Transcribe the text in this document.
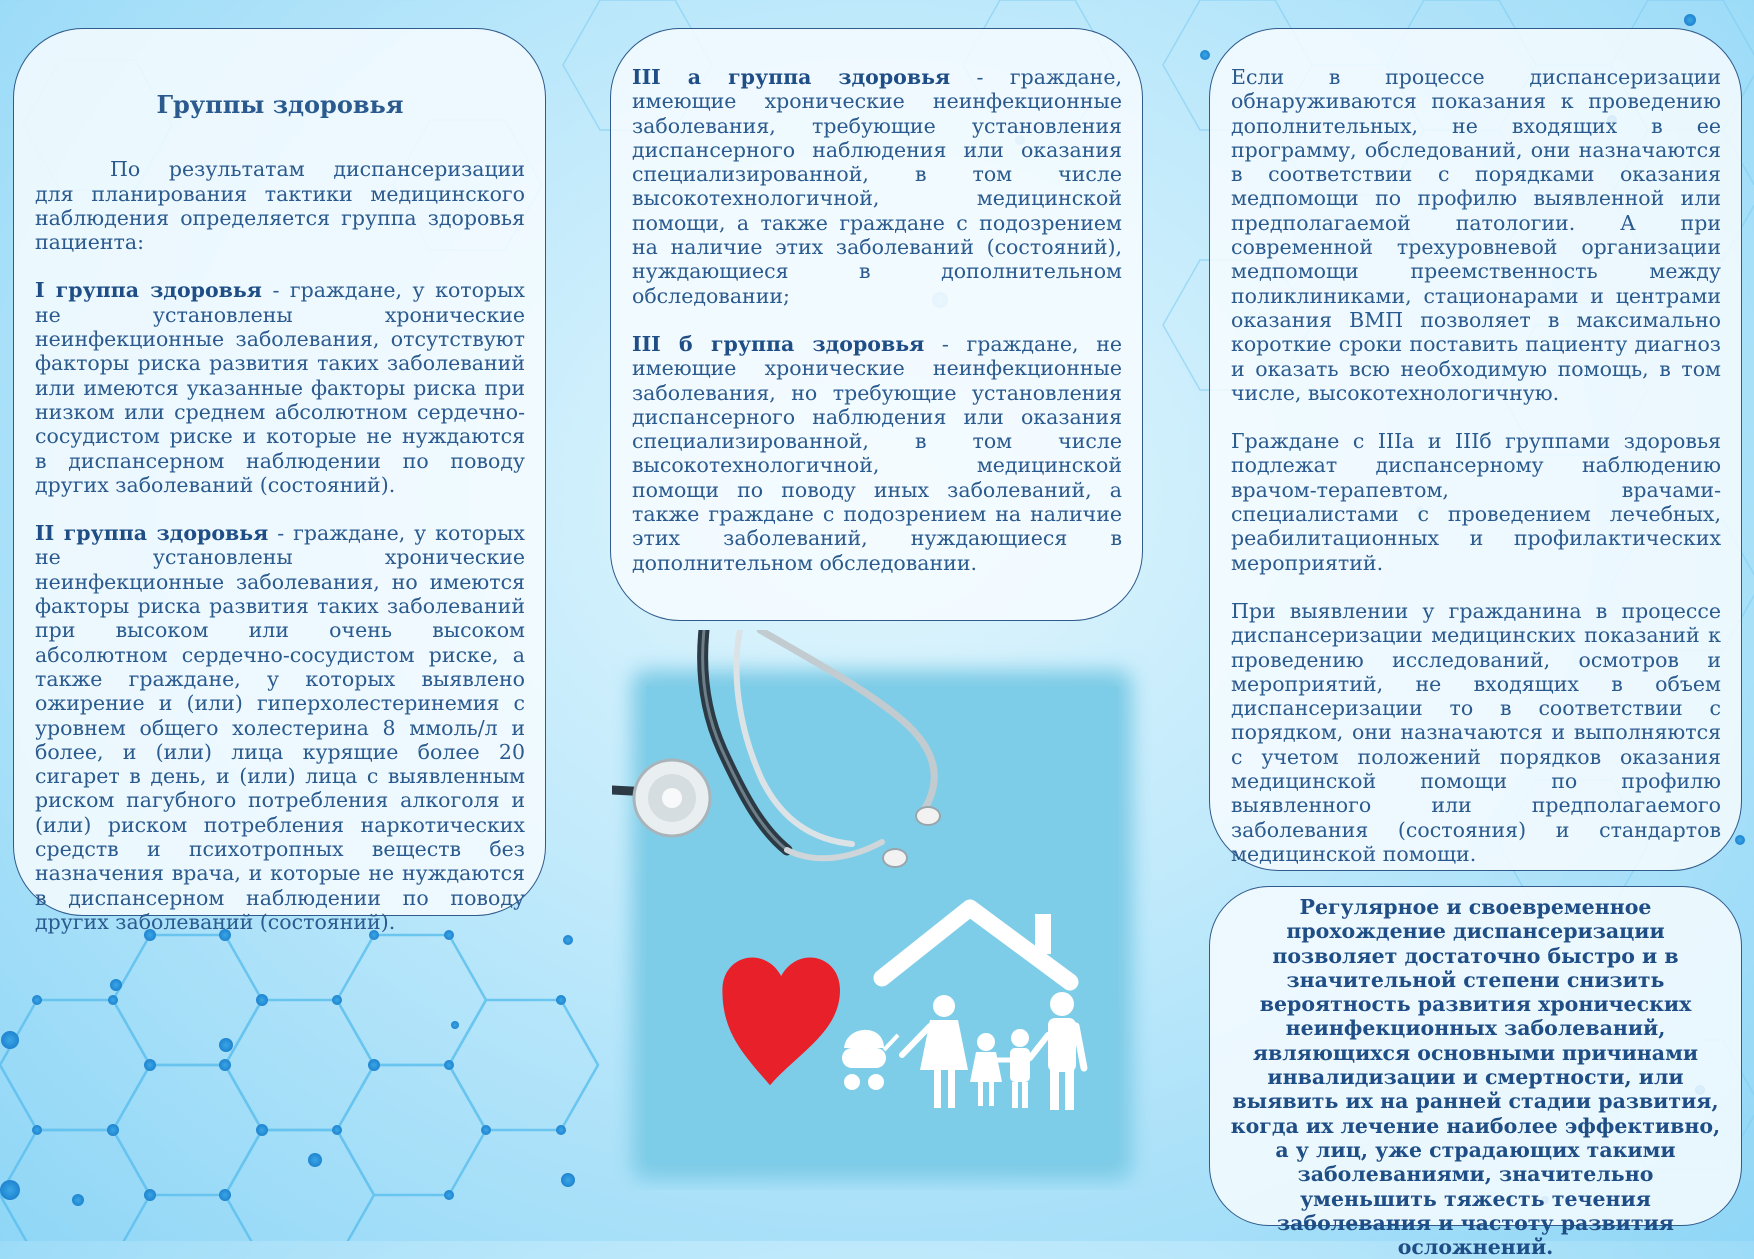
Группы здоровья

По результатам диспансеризации для планирования тактики медицинского наблюдения определяется группа здоровья пациента:

I группа здоровья - граждане, у которых не установлены хронические неинфекционные заболевания, отсутствуют факторы риска развития таких заболеваний или имеются указанные факторы риска при низком или среднем абсолютном сердечно-сосудистом риске и которые не нуждаются в диспансерном наблюдении по поводу других заболеваний (состояний).

II группа здоровья - граждане, у которых не установлены хронические неинфекционные заболевания, но имеются факторы риска развития таких заболеваний при высоком или очень высоком абсолютном сердечно-сосудистом риске, а также граждане, у которых выявлено ожирение и (или) гиперхолестеринемия с уровнем общего холестерина 8 ммоль/л и более, и (или) лица курящие более 20 сигарет в день, и (или) лица с выявленным риском пагубного потребления алкоголя и (или) риском потребления наркотических средств и психотропных веществ без назначения врача, и которые не нуждаются в диспансерном наблюдении по поводу других заболеваний (состояний).

III а группа здоровья - граждане, имеющие хронические неинфекционные заболевания, требующие установления диспансерного наблюдения или оказания специализированной, в том числе высокотехнологичной, медицинской помощи, а также граждане с подозрением на наличие этих заболеваний (состояний), нуждающиеся в дополнительном обследовании;

III б группа здоровья - граждане, не имеющие хронические неинфекционные заболевания, но требующие установления диспансерного наблюдения или оказания специализированной, в том числе высокотехнологичной, медицинской помощи по поводу иных заболеваний, а также граждане с подозрением на наличие этих заболеваний, нуждающиеся в дополнительном обследовании.

Если в процессе диспансеризации обнаруживаются показания к проведению дополнительных, не входящих в ее программу, обследований, они назначаются в соответствии с порядками оказания медпомощи по профилю выявленной или предполагаемой патологии. А при современной трехуровневой организации медпомощи преемственность между поликлиниками, стационарами и центрами оказания ВМП позволяет в максимально короткие сроки поставить пациенту диагноз и оказать всю необходимую помощь, в том числе, высокотехнологичную.

Граждане с IIIа и IIIб группами здоровья подлежат диспансерному наблюдению врачом-терапевтом, врачами-специалистами с проведением лечебных, реабилитационных и профилактических мероприятий.

При выявлении у гражданина в процессе диспансеризации медицинских показаний к проведению исследований, осмотров и мероприятий, не входящих в объем диспансеризации то в соответствии с порядком, они назначаются и выполняются с учетом положений порядков оказания медицинской помощи по профилю выявленного или предполагаемого заболевания (состояния) и стандартов медицинской помощи.

Регулярное и своевременное прохождение диспансеризации позволяет достаточно быстро и в значительной степени снизить вероятность развития хронических неинфекционных заболеваний, являющихся основными причинами инвалидизации и смертности, или выявить их на ранней стадии развития, когда их лечение наиболее эффективно, а у лиц, уже страдающих такими заболеваниями, значительно уменьшить тяжесть течения заболевания и частоту развития осложнений.
